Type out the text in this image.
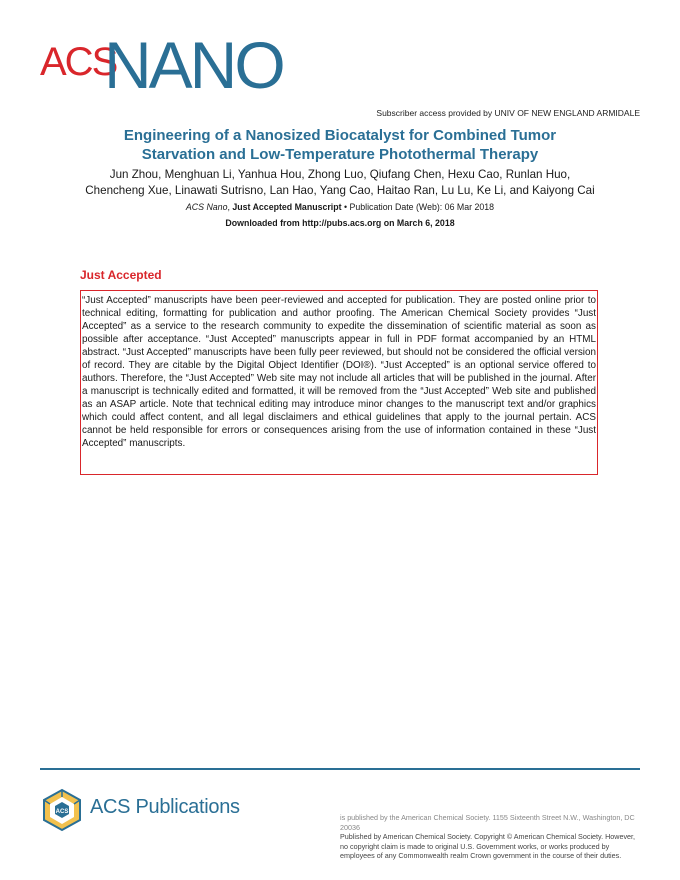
ACS
NANO
Subscriber access provided by UNIV OF NEW ENGLAND ARMIDALE
Engineering of a Nanosized Biocatalyst for Combined Tumor
Starvation and Low-Temperature Photothermal Therapy
Jun Zhou, Menghuan Li, Yanhua Hou, Zhong Luo, Qiufang Chen, Hexu Cao, Runlan Huo,
Chencheng Xue, Linawati Sutrisno, Lan Hao, Yang Cao, Haitao Ran, Lu Lu, Ke Li, and Kaiyong Cai
ACS Nano, Just Accepted Manuscript • Publication Date (Web): 06 Mar 2018
Downloaded from http://pubs.acs.org on March 6, 2018
Just Accepted

“Just Accepted” manuscripts have been peer-reviewed and accepted for publication. They are posted online prior to technical editing, formatting for publication and author proofing. The American Chemical Society provides “Just Accepted” as a service to the research community to expedite the dissemination of scientific material as soon as possible after acceptance. “Just Accepted” manuscripts appear in full in PDF format accompanied by an HTML abstract. “Just Accepted” manuscripts have been fully peer reviewed, but should not be considered the official version of record. They are citable by the Digital Object Identifier (DOI®). “Just Accepted” is an optional service offered to authors. Therefore, the “Just Accepted” Web site may not include all articles that will be published in the journal. After a manuscript is technically edited and formatted, it will be removed from the “Just Accepted” Web site and published as an ASAP article. Note that technical editing may introduce minor changes to the manuscript text and/or graphics which could affect content, and all legal disclaimers and ethical guidelines that apply to the journal pertain. ACS cannot be held responsible for errors or consequences arising from the use of information contained in these “Just Accepted” manuscripts.

ACS ACS Publications	is published by the American Chemical Society. 1155 Sixteenth Street N.W., Washington, DC 20036
Published by American Chemical Society. Copyright © American Chemical Society. However, no copyright claim is made to original U.S. Government works, or works produced by employees of any Commonwealth realm Crown government in the course of their duties.
